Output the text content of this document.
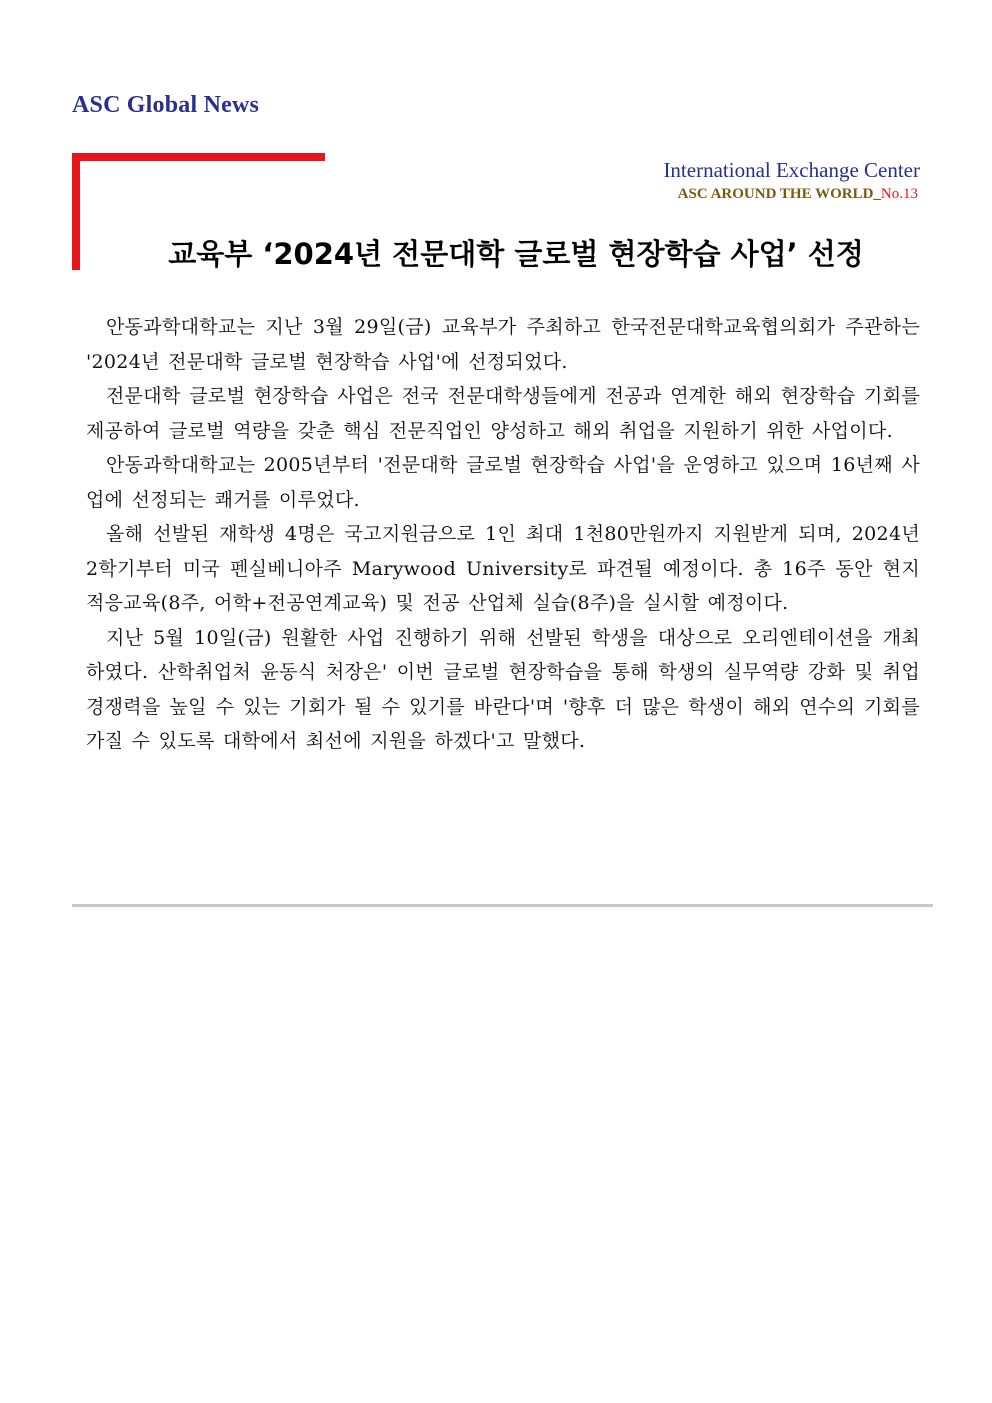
ASC Global News
International Exchange Center
ASC AROUND THE WORLD_No.13
교육부 ‘2024년 전문대학 글로벌 현장학습 사업’ 선정

안동과학대학교는 지난 3월 29일(금) 교육부가 주최하고 한국전문대학교육협의회가 주관하는 '2024년 전문대학 글로벌 현장학습 사업'에 선정되었다.

전문대학 글로벌 현장학습 사업은 전국 전문대학생들에게 전공과 연계한 해외 현장학습 기회를 제공하여 글로벌 역량을 갖춘 핵심 전문직업인 양성하고 해외 취업을 지원하기 위한 사업이다.

안동과학대학교는 2005년부터 '전문대학 글로벌 현장학습 사업'을 운영하고 있으며 16년째 사업에 선정되는 쾌거를 이루었다.

올해 선발된 재학생 4명은 국고지원금으로 1인 최대 1천80만원까지 지원받게 되며, 2024년 2학기부터 미국 펜실베니아주 Marywood University로 파견될 예정이다. 총 16주 동안 현지적응교육(8주, 어학+전공연계교육) 및 전공 산업체 실습(8주)을 실시할 예정이다.

지난 5월 10일(금) 원활한 사업 진행하기 위해 선발된 학생을 대상으로 오리엔테이션을 개최하였다. 산학취업처 윤동식 처장은' 이번 글로벌 현장학습을 통해 학생의 실무역량 강화 및 취업 경쟁력을 높일 수 있는 기회가 될 수 있기를 바란다'며 '향후 더 많은 학생이 해외 연수의 기회를 가질 수 있도록 대학에서 최선에 지원을 하겠다'고 말했다.
